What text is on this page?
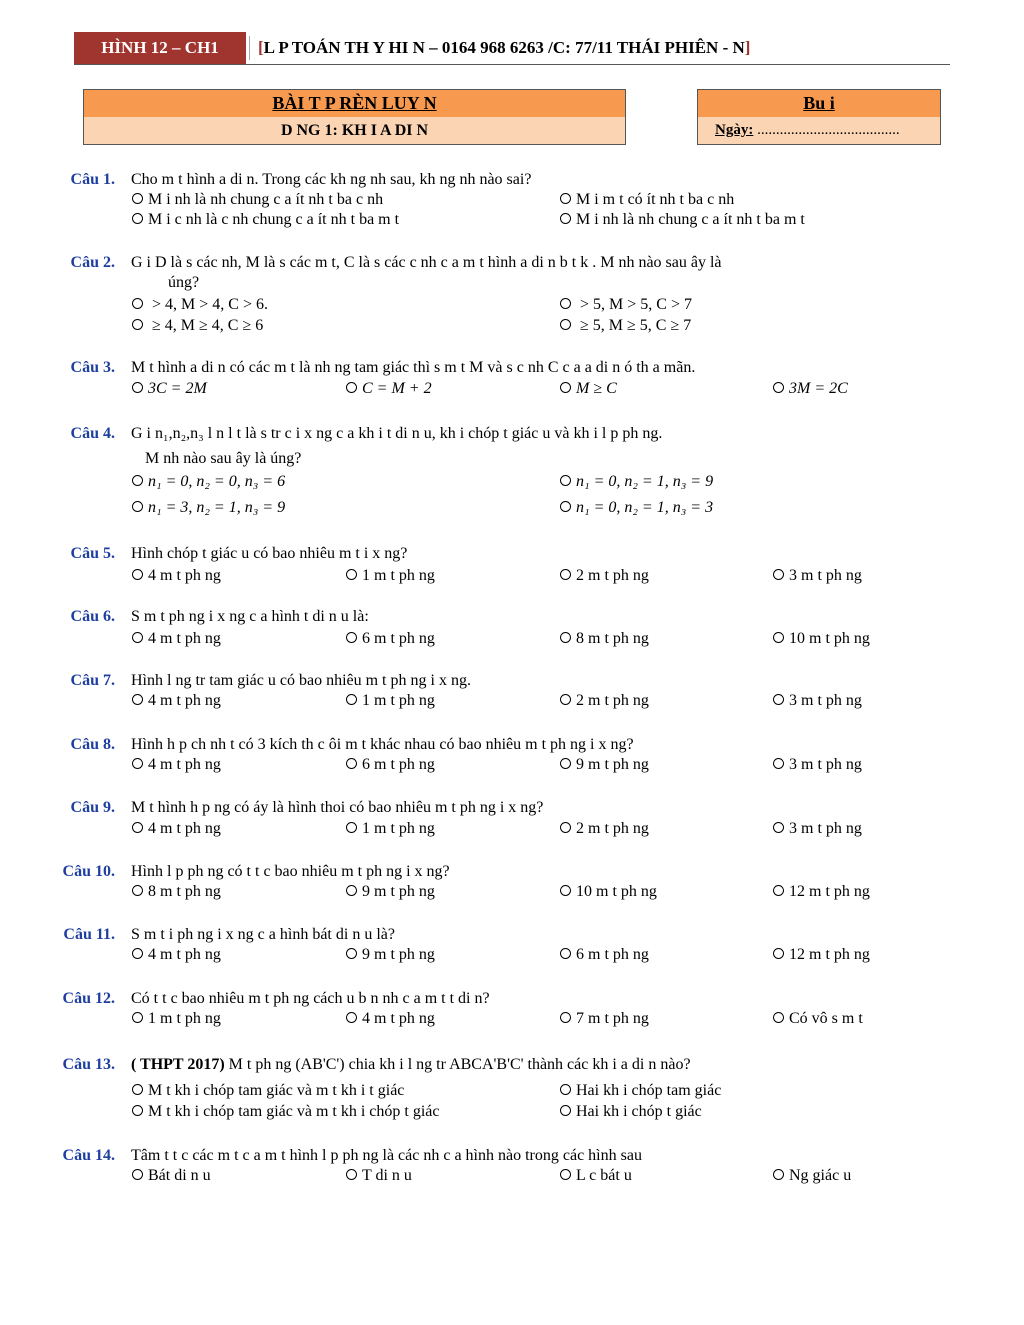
HÌNH 12 – CH1	[L P TOÁN TH Y HI N – 0164 968 6263 /C: 77/11 THÁI PHIÊN - N]
BÀI T P RÈN LUY N
D NG 1: KH I A DI N
Bu i
Ngày: ......................................
Câu 1. Cho m t hình a di n. Trong các kh ng nh sau, kh ng nh nào sai?
M i nh là nh chung c a ít nh t ba c nh	M i m t có ít nh t ba c nh
M i c nh là c nh chung c a ít nh t ba m t	M i nh là nh chung c a ít nh t ba m t
Câu 2. G i D là s các nh, M là s các m t, C là s các c nh c a m t hình a di n b t k . M nh nào sau ây là
úng?
> 4, M > 4, C > 6.	> 5, M > 5, C > 7
≥ 4, M ≥ 4, C ≥ 6	≥ 5, M ≥ 5, C ≥ 7
Câu 3. M t hình a di n có các m t là nh ng tam giác thì s m t M và s c nh C c a a di n ó th a mãn.
3C = 2M	C = M + 2	M ≥ C	3M = 2C
Câu 4. G i n₁,n₂,n₃ l n l t là s tr c i x ng c a kh i t di n u, kh i chóp t giác u và kh i l p ph ng.
M nh nào sau ây là úng?
n₁ = 0, n₂ = 0, n₃ = 6	n₁ = 0, n₂ = 1, n₃ = 9
n₁ = 3, n₂ = 1, n₃ = 9	n₁ = 0, n₂ = 1, n₃ = 3
Câu 5. Hình chóp t giác u có bao nhiêu m t i x ng?
4 m t ph ng	1 m t ph ng	2 m t ph ng	3 m t ph ng
Câu 6. S m t ph ng i x ng c a hình t di n u là:
4 m t ph ng	6 m t ph ng	8 m t ph ng	10 m t ph ng
Câu 7. Hình l ng tr tam giác u có bao nhiêu m t ph ng i x ng.
4 m t ph ng	1 m t ph ng	2 m t ph ng	3 m t ph ng
Câu 8. Hình h p ch nh t có 3 kích th c ôi m t khác nhau có bao nhiêu m t ph ng i x ng?
4 m t ph ng	6 m t ph ng	9 m t ph ng	3 m t ph ng
Câu 9. M t hình h p ng có áy là hình thoi có bao nhiêu m t ph ng i x ng?
4 m t ph ng	1 m t ph ng	2 m t ph ng	3 m t ph ng
Câu 10. Hình l p ph ng có t t c bao nhiêu m t ph ng i x ng?
8 m t ph ng	9 m t ph ng	10 m t ph ng	12 m t ph ng
Câu 11. S m t i ph ng i x ng c a hình bát di n u là?
4 m t ph ng	9 m t ph ng	6 m t ph ng	12 m t ph ng
Câu 12. Có t t c bao nhiêu m t ph ng cách u b n nh c a m t t di n?
1 m t ph ng	4 m t ph ng	7 m t ph ng	Có vô s m t
Câu 13. ( THPT 2017) M t ph ng (AB'C') chia kh i l ng tr ABCA'B'C' thành các kh i a di n nào?
M t kh i chóp tam giác và m t kh i t giác	Hai kh i chóp tam giác
M t kh i chóp tam giác và m t kh i chóp t giác	Hai kh i chóp t giác
Câu 14. Tâm t t c các m t c a m t hình l p ph ng là các nh c a hình nào trong các hình sau
Bát di n u	T di n u	L c bát u	Ng giác u
